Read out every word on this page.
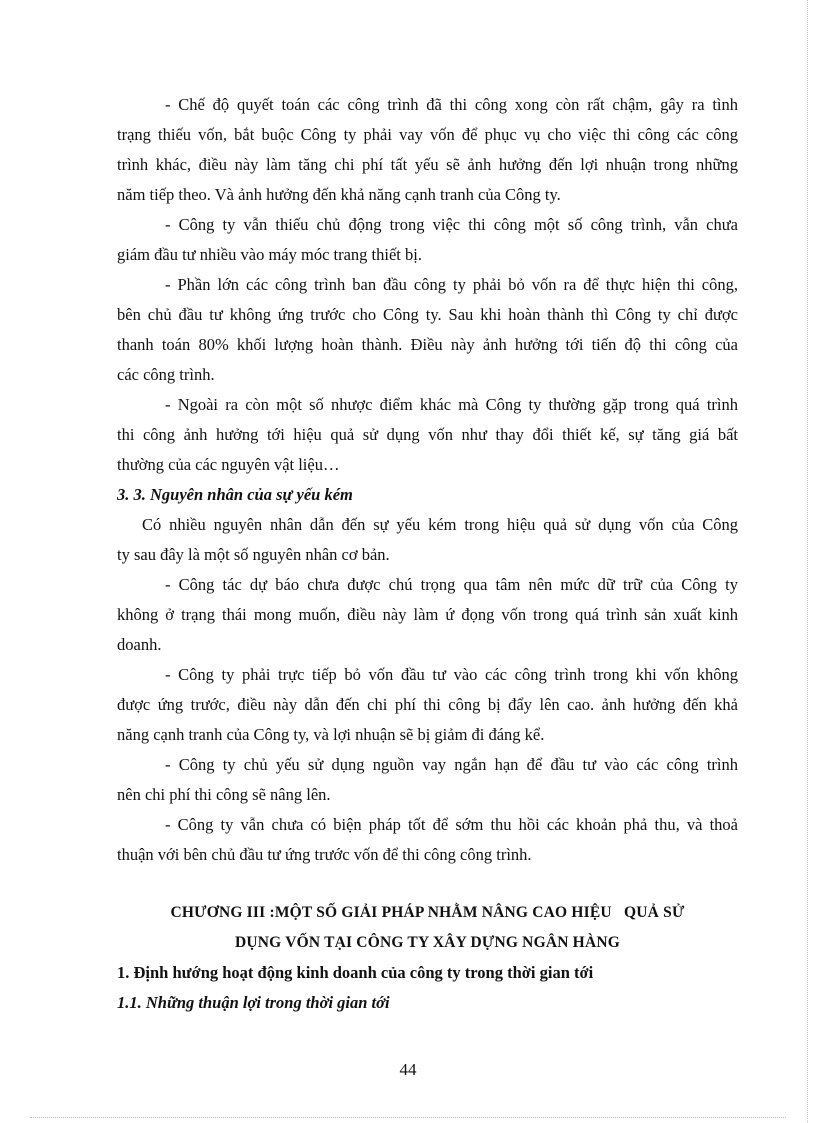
- Chế độ quyết toán các công trình đã thi công xong còn rất chậm, gây ra tình
trạng thiếu vốn, bắt buộc Công ty phải vay vốn để phục vụ cho việc thi công các công
trình khác, điều này làm tăng chi phí tất yếu sẽ ảnh hưởng đến lợi nhuận trong những
năm tiếp theo. Và ảnh hưởng đến khả năng cạnh tranh của Công ty.
- Công ty vẫn thiếu chủ động trong việc thi công một số công trình, vẫn chưa
giám đầu tư nhiều vào máy móc trang thiết bị.
- Phần lớn các công trình ban đầu công ty phải bỏ vốn ra để thực hiện thi công,
bên chủ đầu tư không ứng trước cho Công ty. Sau khi hoàn thành thì Công ty chỉ được
thanh toán 80% khối lượng hoàn thành. Điều này ảnh hưởng tới tiến độ thi công của
các công trình.
- Ngoài ra còn một số nhược điểm khác mà Công ty thường gặp trong quá trình
thi công ảnh hưởng tới hiệu quả sử dụng vốn như thay đổi thiết kế, sự tăng giá bất
thường của các nguyên vật liệu…
3. 3. Nguyên nhân của sự yếu kém
Có nhiều nguyên nhân dẫn đến sự yếu kém trong hiệu quả sử dụng vốn của Công
ty sau đây là một số nguyên nhân cơ bản.
- Công tác dự báo chưa được chú trọng qua tâm nên mức dữ trữ của Công ty
không ở trạng thái mong muốn, điều này làm ứ đọng vốn trong quá trình sản xuất kinh
doanh.
- Công ty phải trực tiếp bỏ vốn đầu tư vào các công trình trong khi vốn không
được ứng trước, điều này dẫn đến chi phí thi công bị đẩy lên cao. ảnh hưởng đến khả
năng cạnh tranh của Công ty, và lợi nhuận sẽ bị giảm đi đáng kể.
- Công ty chủ yếu sử dụng nguồn vay ngắn hạn để đầu tư vào các công trình
nên chi phí thi công sẽ nâng lên.
- Công ty vẫn chưa có biện pháp tốt để sớm thu hồi các khoản phả thu, và thoả
thuận với bên chủ đầu tư ứng trước vốn để thi công công trình.
CHƯƠNG III :MỘT SỐ GIẢI PHÁP NHẰM NÂNG CAO HIỆU   QUẢ SỬ
DỤNG VỐN TẠI CÔNG TY XÂY DỰNG NGÂN HÀNG
1. Định hướng hoạt động kinh doanh của công ty trong thời gian tới
1.1. Những thuận lợi trong thời gian tới
44
